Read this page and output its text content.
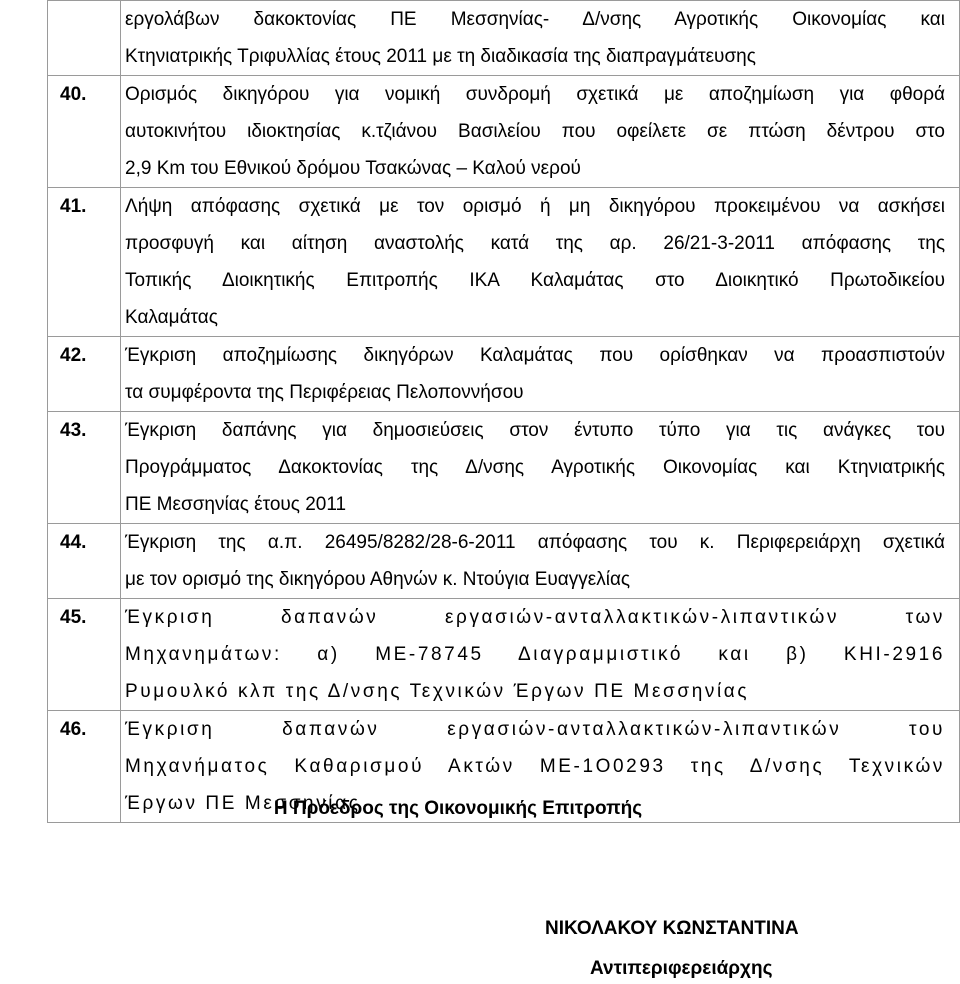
	εργολάβων δακοκτονίας ΠΕ Μεσσηνίας- Δ/νσης Αγροτικής Οικονομίας και
Κτηνιατρικής Τριφυλλίας έτους 2011 με τη διαδικασία της διαπραγμάτευσης

40.	Ορισμός δικηγόρου για νομική συνδρομή σχετικά με αποζημίωση για φθορά
αυτοκινήτου ιδιοκτησίας κ.τζιάνου Βασιλείου που οφείλετε σε πτώση δέντρου στο
2,9 Km του Εθνικού δρόμου Τσακώνας – Καλού νερού

41.	Λήψη απόφασης σχετικά με τον ορισμό ή μη δικηγόρου προκειμένου να ασκήσει
προσφυγή και αίτηση αναστολής κατά της αρ. 26/21-3-2011 απόφασης της
Τοπικής Διοικητικής Επιτροπής ΙΚΑ Καλαμάτας στο Διοικητικό Πρωτοδικείου
Καλαμάτας

42.	Έγκριση αποζημίωσης δικηγόρων Καλαμάτας που ορίσθηκαν να προασπιστούν
τα συμφέροντα της Περιφέρειας Πελοποννήσου

43.	Έγκριση δαπάνης για δημοσιεύσεις στον έντυπο τύπο για τις ανάγκες του
Προγράμματος Δακοκτονίας της Δ/νσης Αγροτικής Οικονομίας και Κτηνιατρικής
ΠΕ Μεσσηνίας έτους 2011

44.	Έγκριση της α.π. 26495/8282/28-6-2011 απόφασης του κ. Περιφερειάρχη σχετικά
με τον ορισμό της δικηγόρου Αθηνών κ. Ντούγια Ευαγγελίας

45.	Έγκριση δαπανών εργασιών-ανταλλακτικών-λιπαντικών των
Μηχανημάτων: α) ΜΕ-78745 Διαγραμμιστικό και β) ΚΗΙ-2916
Ρυμουλκό κλπ της Δ/νσης Τεχνικών Έργων ΠΕ Μεσσηνίας

46.	Έγκριση δαπανών εργασιών-ανταλλακτικών-λιπαντικών του
Μηχανήματος Καθαρισμού Ακτών ΜΕ-1Ο0293 της Δ/νσης Τεχνικών
Έργων ΠΕ Μεσσηνίας
Η Πρόεδρος της Οικονομικής Επιτροπής
ΝΙΚΟΛΑΚΟΥ ΚΩΝΣΤΑΝΤΙΝΑ
Αντιπεριφερειάρχης
